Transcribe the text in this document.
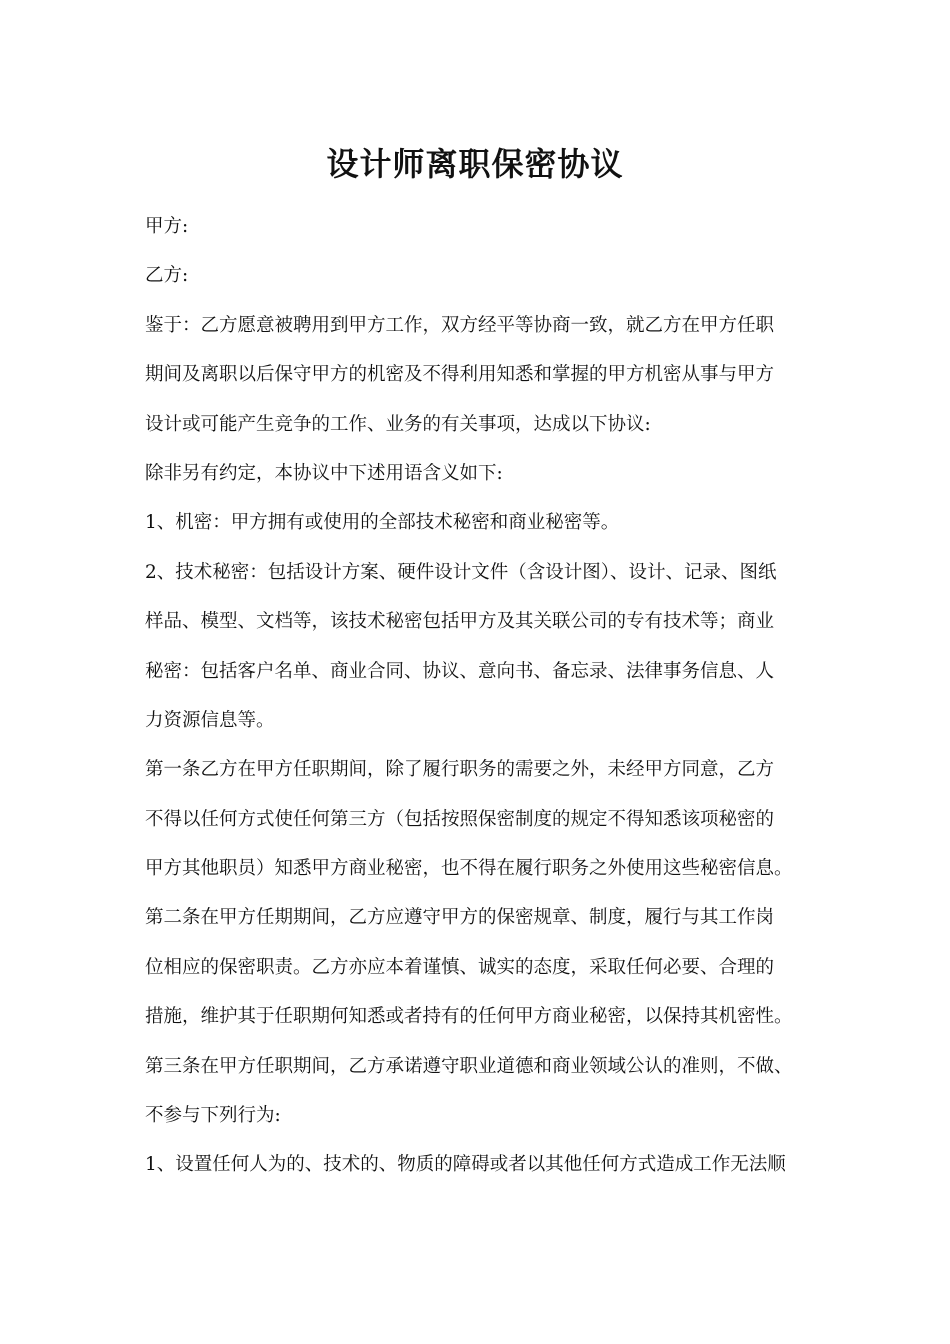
设计师离职保密协议
甲方:
乙方:
鉴于：乙方愿意被聘用到甲方工作，双方经平等协商一致，就乙方在甲方任职
期间及离职以后保守甲方的机密及不得利用知悉和掌握的甲方机密从事与甲方
设计或可能产生竞争的工作、业务的有关事项，达成以下协议:
除非另有约定，本协议中下述用语含义如下:
1、机密：甲方拥有或使用的全部技术秘密和商业秘密等。
2、技术秘密：包括设计方案、硬件设计文件（含设计图）、设计、记录、图纸
样品、模型、文档等，该技术秘密包括甲方及其关联公司的专有技术等；商业
秘密：包括客户名单、商业合同、协议、意向书、备忘录、法律事务信息、人
力资源信息等。
第一条乙方在甲方任职期间，除了履行职务的需要之外，未经甲方同意，乙方
不得以任何方式使任何第三方（包括按照保密制度的规定不得知悉该项秘密的
甲方其他职员）知悉甲方商业秘密，也不得在履行职务之外使用这些秘密信息。
第二条在甲方任期期间，乙方应遵守甲方的保密规章、制度，履行与其工作岗
位相应的保密职责。乙方亦应本着谨慎、诚实的态度，采取任何必要、合理的
措施，维护其于任职期何知悉或者持有的任何甲方商业秘密，以保持其机密性。
第三条在甲方任职期间，乙方承诺遵守职业道德和商业领域公认的准则，不做、
不参与下列行为:
1、设置任何人为的、技术的、物质的障碍或者以其他任何方式造成工作无法顺
